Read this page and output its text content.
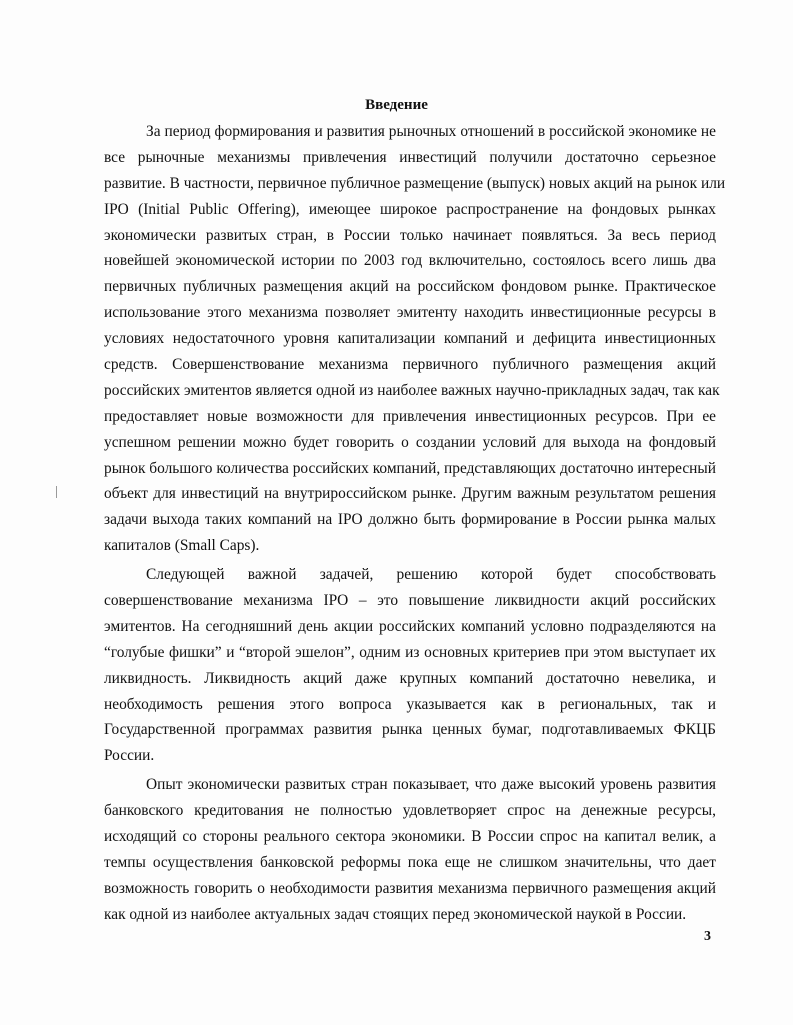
Введение
За период формирования и развития рыночных отношений в российской экономике не
все рыночные механизмы привлечения инвестиций получили достаточно серьезное
развитие. В частности, первичное публичное размещение (выпуск) новых акций на рынок или
IPO (Initial Public Offering), имеющее широкое распространение на фондовых рынках
экономически развитых стран, в России только начинает появляться. За весь период
новейшей экономической истории по 2003 год включительно, состоялось всего лишь два
первичных публичных размещения акций на российском фондовом рынке. Практическое
использование этого механизма позволяет эмитенту находить инвестиционные ресурсы в
условиях недостаточного уровня капитализации компаний и дефицита инвестиционных
средств. Совершенствование механизма первичного публичного размещения акций
российских эмитентов является одной из наиболее важных научно-прикладных задач, так как
предоставляет новые возможности для привлечения инвестиционных ресурсов. При ее
успешном решении можно будет говорить о создании условий для выхода на фондовый
рынок большого количества российских компаний, представляющих достаточно интересный
объект для инвестиций на внутрироссийском рынке. Другим важным результатом решения
задачи выхода таких компаний на IPO должно быть формирование в России рынка малых
капиталов (Small Caps).
Следующей важной задачей, решению которой будет способствовать
совершенствование механизма IPO – это повышение ликвидности акций российских
эмитентов. На сегодняшний день акции российских компаний условно подразделяются на
“голубые фишки” и “второй эшелон”, одним из основных критериев при этом выступает их
ликвидность. Ликвидность акций даже крупных компаний достаточно невелика, и
необходимость решения этого вопроса указывается как в региональных, так и
Государственной программах развития рынка ценных бумаг, подготавливаемых ФКЦБ
России.
Опыт экономически развитых стран показывает, что даже высокий уровень развития
банковского кредитования не полностью удовлетворяет спрос на денежные ресурсы,
исходящий со стороны реального сектора экономики. В России спрос на капитал велик, а
темпы осуществления банковской реформы пока еще не слишком значительны, что дает
возможность говорить о необходимости развития механизма первичного размещения акций
как одной из наиболее актуальных задач стоящих перед экономической наукой в России.
3
